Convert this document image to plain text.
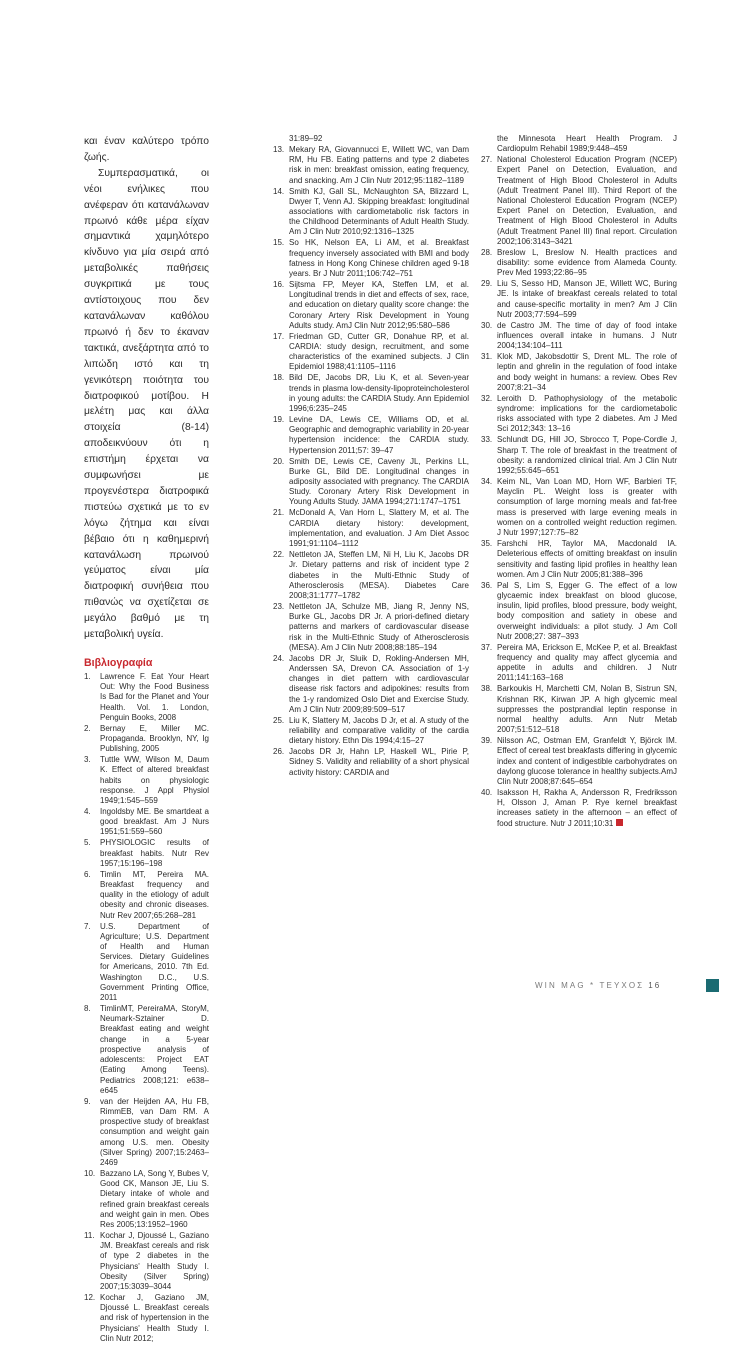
και έναν καλύτερο τρόπο ζωής.

Συμπερασματικά, οι νέοι ενήλικες που ανέφεραν ότι κατανάλωναν πρωινό κάθε μέρα είχαν σημαντικά χαμηλότερο κίνδυνο για μία σειρά από μεταβολικές παθήσεις συγκριτικά με τους αντίστοιχους που δεν κατανάλωναν καθόλου πρωινό ή δεν το έκαναν τακτικά, ανεξάρτητα από το λιπώδη ιστό και τη γενικότερη ποιότητα του διατροφικού μοτίβου. Η μελέτη μας και άλλα στοιχεία (8-14) αποδεικνύουν ότι η επιστήμη έρχεται να συμφωνήσει με προγενέστερα διατροφικά πιστεύω σχετικά με το εν λόγω ζήτημα και είναι βέβαιο ότι η καθημερινή κατανάλωση πρωινού γεύματος είναι μία διατροφική συνήθεια που πιθανώς να σχετίζεται σε μεγάλο βαθμό με τη μεταβολική υγεία.

Βιβλιογραφία
1.	Lawrence F. Eat Your Heart Out: Why the Food Business Is Bad for the Planet and Your Health. Vol. 1. London, Penguin Books, 2008
2.	Bernay E, Miller MC. Propaganda. Brooklyn, NY, Ig Publishing, 2005
3.	Tuttle WW, Wilson M, Daum K. Effect of altered breakfast habits on physiologic response. J Appl Physiol 1949;1:545–559
4.	Ingoldsby ME. Be smartdeat a good breakfast. Am J Nurs 1951;51:559–560
5.	PHYSIOLOGIC results of breakfast habits. Nutr Rev 1957;15:196–198
6.	Timlin MT, Pereira MA. Breakfast frequency and quality in the etiology of adult obesity and chronic diseases. Nutr Rev 2007;65:268–281
7.	U.S. Department of Agriculture; U.S. Department of Health and Human Services. Dietary Guidelines for Americans, 2010. 7th Ed. Washington D.C., U.S. Government Printing Office, 2011
8.	TimlinMT, PereiraMA, StoryM, Neumark-Sztainer D. Breakfast eating and weight change in a 5-year prospective analysis of adolescents: Project EAT (Eating Among Teens). Pediatrics 2008;121: e638–e645
9.	van der Heijden AA, Hu FB, RimmEB, van Dam RM. A prospective study of breakfast consumption and weight gain among U.S. men. Obesity (Silver Spring) 2007;15:2463–2469
10. Bazzano LA, Song Y, Bubes V, Good CK, Manson JE, Liu S. Dietary intake of whole and refined grain breakfast cereals and weight gain in men. Obes Res 2005;13:1952–1960
11. Kochar J, Djoussé L, Gaziano JM. Breakfast cereals and risk of type 2 diabetes in the Physicians' Health Study I. Obesity (Silver Spring) 2007;15:3039–3044
12. Kochar J, Gaziano JM, Djoussé L. Breakfast cereals and risk of hypertension in the Physicians' Health Study I. Clin Nutr 2012;
31:89–92
13. Mekary RA, Giovannucci E, Willett WC, van Dam RM, Hu FB. Eating patterns and type 2 diabetes risk in men: breakfast omission, eating frequency, and snacking. Am J Clin Nutr 2012;95:1182–1189
14. Smith KJ, Gall SL, McNaughton SA, Blizzard L, Dwyer T, Venn AJ. Skipping breakfast: longitudinal associations with cardiometabolic risk factors in the Childhood Determinants of Adult Health Study. Am J Clin Nutr 2010;92:1316–1325
15. So HK, Nelson EA, Li AM, et al. Breakfast frequency inversely associated with BMI and body fatness in Hong Kong Chinese children aged 9-18 years. Br J Nutr 2011;106:742–751
16. Sijtsma FP, Meyer KA, Steffen LM, et al. Longitudinal trends in diet and effects of sex, race, and education on dietary quality score change: the Coronary Artery Risk Development in Young Adults study. AmJ Clin Nutr 2012;95:580–586
17. Friedman GD, Cutter GR, Donahue RP, et al. CARDIA: study design, recruitment, and some characteristics of the examined subjects. J Clin Epidemiol 1988;41:1105–1116
18. Bild DE, Jacobs DR, Liu K, et al. Seven-year trends in plasma low-density-lipoproteincholesterol in young adults: the CARDIA Study. Ann Epidemiol 1996;6:235–245
19. Levine DA, Lewis CE, Williams OD, et al. Geographic and demographic variability in 20-year hypertension incidence: the CARDIA study. Hypertension 2011;57: 39–47
20. Smith DE, Lewis CE, Caveny JL, Perkins LL, Burke GL, Bild DE. Longitudinal changes in adiposity associated with pregnancy. The CARDIA Study. Coronary Artery Risk Development in Young Adults Study. JAMA 1994;271:1747–1751
21. McDonald A, Van Horn L, Slattery M, et al. The CARDIA dietary history: development, implementation, and evaluation. J Am Diet Assoc 1991;91:1104–1112
22. Nettleton JA, Steffen LM, Ni H, Liu K, Jacobs DR Jr. Dietary patterns and risk of incident type 2 diabetes in the Multi-Ethnic Study of Atherosclerosis (MESA). Diabetes Care 2008;31:1777–1782
23. Nettleton JA, Schulze MB, Jiang R, Jenny NS, Burke GL, Jacobs DR Jr. A priori-defined dietary patterns and markers of cardiovascular disease risk in the Multi-Ethnic Study of Atherosclerosis (MESA). Am J Clin Nutr 2008;88:185–194
24. Jacobs DR Jr, Sluik D, Rokling-Andersen MH, Anderssen SA, Drevon CA. Association of 1-y changes in diet pattern with cardiovascular disease risk factors and adipokines: results from the 1-y randomized Oslo Diet and Exercise Study. Am J Clin Nutr 2009;89:509–517
25. Liu K, Slattery M, Jacobs D Jr, et al. A study of the reliability and comparative validity of the cardia dietary history. Ethn Dis 1994;4:15–27
26. Jacobs DR Jr, Hahn LP, Haskell WL, Pirie P, Sidney S. Validity and reliability of a short physical activity history: CARDIA and
the Minnesota Heart Health Program. J Cardiopulm Rehabil 1989;9:448–459
27. National Cholesterol Education Program (NCEP) Expert Panel on Detection, Evaluation, and Treatment of High Blood Cholesterol in Adults (Adult Treatment Panel III). Third Report of the National Cholesterol Education Program (NCEP) Expert Panel on Detection, Evaluation, and Treatment of High Blood Cholesterol in Adults (Adult Treatment Panel III) final report. Circulation 2002;106:3143–3421
28. Breslow L, Breslow N. Health practices and disability: some evidence from Alameda County. Prev Med 1993;22:86–95
29. Liu S, Sesso HD, Manson JE, Willett WC, Buring JE. Is intake of breakfast cereals related to total and cause-specific mortality in men? Am J Clin Nutr 2003;77:594–599
30. de Castro JM. The time of day of food intake influences overall intake in humans. J Nutr 2004;134:104–111
31. Klok MD, Jakobsdottir S, Drent ML. The role of leptin and ghrelin in the regulation of food intake and body weight in humans: a review. Obes Rev 2007;8:21–34
32. Leroith D. Pathophysiology of the metabolic syndrome: implications for the cardiometabolic risks associated with type 2 diabetes. Am J Med Sci 2012;343: 13–16
33. Schlundt DG, Hill JO, Sbrocco T, Pope-Cordle J, Sharp T. The role of breakfast in the treatment of obesity: a randomized clinical trial. Am J Clin Nutr 1992;55:645–651
34. Keim NL, Van Loan MD, Horn WF, Barbieri TF, Mayclin PL. Weight loss is greater with consumption of large morning meals and fat-free mass is preserved with large evening meals in women on a controlled weight reduction regimen. J Nutr 1997;127:75–82
35. Farshchi HR, Taylor MA, Macdonald IA. Deleterious effects of omitting breakfast on insulin sensitivity and fasting lipid profiles in healthy lean women. Am J Clin Nutr 2005;81:388–396
36. Pal S, Lim S, Egger G. The effect of a low glycaemic index breakfast on blood glucose, insulin, lipid profiles, blood pressure, body weight, body composition and satiety in obese and overweight individuals: a pilot study. J Am Coll Nutr 2008;27: 387–393
37. Pereira MA, Erickson E, McKee P, et al. Breakfast frequency and quality may affect glycemia and appetite in adults and children. J Nutr 2011;141:163–168
38. Barkoukis H, Marchetti CM, Nolan B, Sistrun SN, Krishnan RK, Kirwan JP. A high glycemic meal suppresses the postprandial leptin response in normal healthy adults. Ann Nutr Metab 2007;51:512–518
39. Nilsson AC, Ostman EM, Granfeldt Y, Björck IM. Effect of cereal test breakfasts differing in glycemic index and content of indigestible carbohydrates on daylong glucose tolerance in healthy subjects.AmJ Clin Nutr 2008;87:645–654
40. Isaksson H, Rakha A, Andersson R, Fredriksson H, Olsson J, Aman P. Rye kernel breakfast increases satiety in the afternoon – an effect of food structure. Nutr J 2011;10:31
WIN MAG * ΤΕΥΧΟΣ 16
